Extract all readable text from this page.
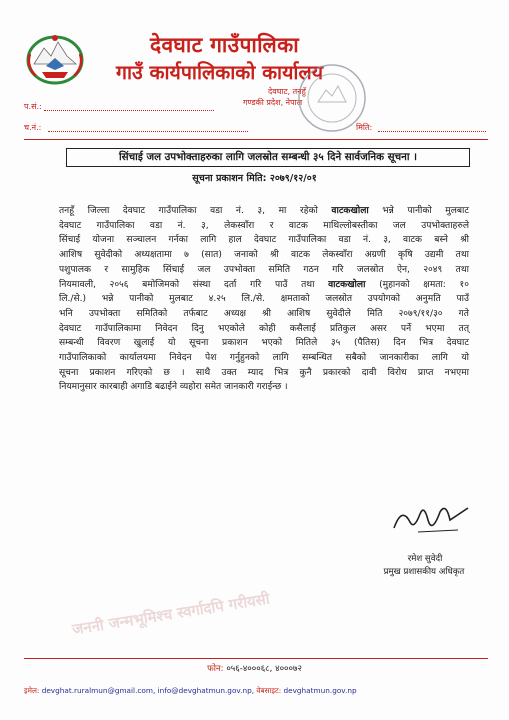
देवघाट गाउँपालिका
गाउँ कार्यपालिकाको कार्यालय
देवघाट, तनहुँ
गण्डकी प्रदेश, नेपाल
प.सं.:
च.नं.:	मिति:
सिंचाई जल उपभोक्ताहरुका लागि जलस्रोत सम्बन्धी ३५ दिने सार्वजनिक सूचना ।
सूचना प्रकाशन मिति: २०७९/१२/०१
तनहूँ जिल्ला देवघाट गाउँपालिका वडा नं. ३, मा रहेको वाटकखोला भन्ने पानीको मुलबाट
देवघाट गाउँपालिका वडा नं. ३, लेकस्वाँरा र वाटक माथिल्लोबस्तीका जल उपभोक्ताहरुले
सिंचाई योजना सञ्चालन गर्नका लागि हाल देवघाट गाउँपालिका वडा नं. ३, वाटक बस्ने श्री
आशिष सुवेदीको अध्यक्षतामा ७ (सात) जनाको श्री वाटक लेकस्वाँरा अग्रणी कृषि उद्यमी तथा
पशुपालक र सामुहिक सिंचाई जल उपभोक्ता समिति गठन गरि जलस्रोत ऐन, २०४९ तथा
नियमावली, २०५६ बमोजिमको संस्था दर्ता गरि पाउँ तथा वाटकखोला (मुहानको क्षमता: १०
लि./से.) भन्ने पानीको मुलबाट ४.२५ लि./से. क्षमताको जलस्रोत उपयोगको अनुमति पाउँ
भनि उपभोक्ता समितिको तर्फबाट अध्यक्ष श्री आशिष सुवेदीले मिति २०७९/११/३० गते
देवघाट गाउँपालिकामा निवेदन दिनु भएकोले कोही कसैलाई प्रतिकुल असर पर्ने भएमा तत्
सम्बन्धी विवरण खुलाई यो सूचना प्रकाशन भएको मितिले ३५ (पैतिस) दिन भित्र देवघाट
गाउँपालिकाको कार्यालयमा निवेदन पेश गर्नुहुनको लागि सम्बन्धित सबैको जानकारीका लागि यो
सूचना प्रकाशन गरिएको छ । साथै उक्त म्याद भित्र कुनै प्रकारको दावी विरोध प्राप्त नभएमा
नियमानुसार कारबाही अगाडि बढाईने व्यहोरा समेत जानकारी गराईन्छ ।
जननी जन्मभूमिश्च स्वर्गादपि गरीयसी
रमेश सुवेदी
प्रमुख प्रशासकीय अधिकृत
फोन: ०५६-४०००६८, ४०००७२
इमेल: devghat.ruralmun@gmail.com, info@devghatmun.gov.np, वेबसाइट: devghatmun.gov.np
